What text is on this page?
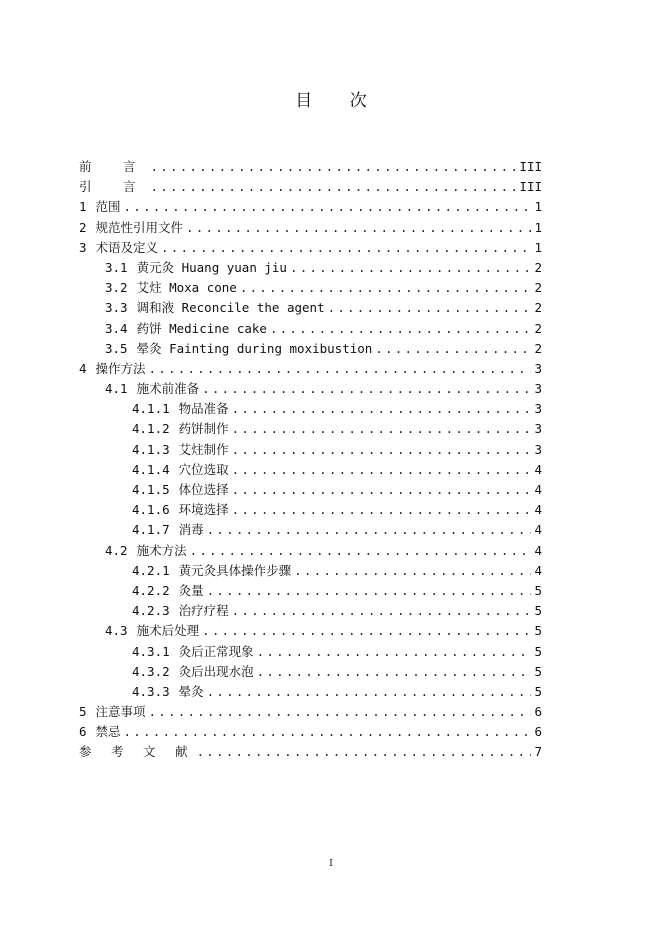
目 次
前 言 .....	III
引 言 .....	III
1 范围 .....	1
2 规范性引用文件 .....	1
3 术语及定义 .....	1
3.1 黄元灸 Huang yuan jiu .....	2
3.2 艾炷 Moxa cone .....	2
3.3 调和液 Reconcile the agent .....	2
3.4 药饼 Medicine cake .....	2
3.5 晕灸 Fainting during moxibustion .....	2
4 操作方法 .....	3
4.1 施术前准备 .....	3
4.1.1 物品准备 .....	3
4.1.2 药饼制作 .....	3
4.1.3 艾炷制作 .....	3
4.1.4 穴位选取 .....	4
4.1.5 体位选择 .....	4
4.1.6 环境选择 .....	4
4.1.7 消毒 .....	4
4.2 施术方法 .....	4
4.2.1 黄元灸具体操作步骤 .....	4
4.2.2 灸量 .....	5
4.2.3 治疗疗程 .....	5
4.3 施术后处理 .....	5
4.3.1 灸后正常现象 .....	5
4.3.2 灸后出现水泡 .....	5
4.3.3 晕灸 .....	5
5 注意事项 .....	6
6 禁忌 .....	6
参 考 文 献 .....	7
I
